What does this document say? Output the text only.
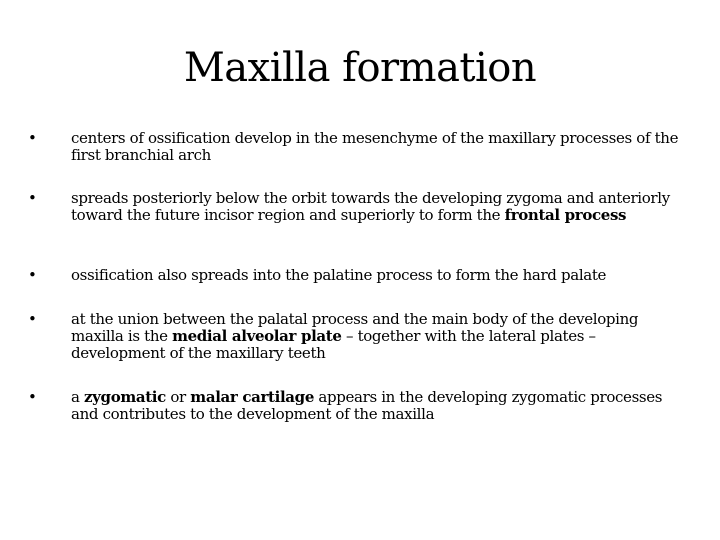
Maxilla formation
• centers of ossification develop in the mesenchyme of the maxillary processes of the first branchial arch
• spreads posteriorly below the orbit towards the developing zygoma and anteriorly toward the future incisor region and superiorly to form the frontal process
• ossification also spreads into the palatine process to form the hard palate
• at the union between the palatal process and the main body of the developing maxilla is the medial alveolar plate – together with the lateral plates – development of the maxillary teeth
• a zygomatic or malar cartilage appears in the developing zygomatic processes and contributes to the development of the maxilla
